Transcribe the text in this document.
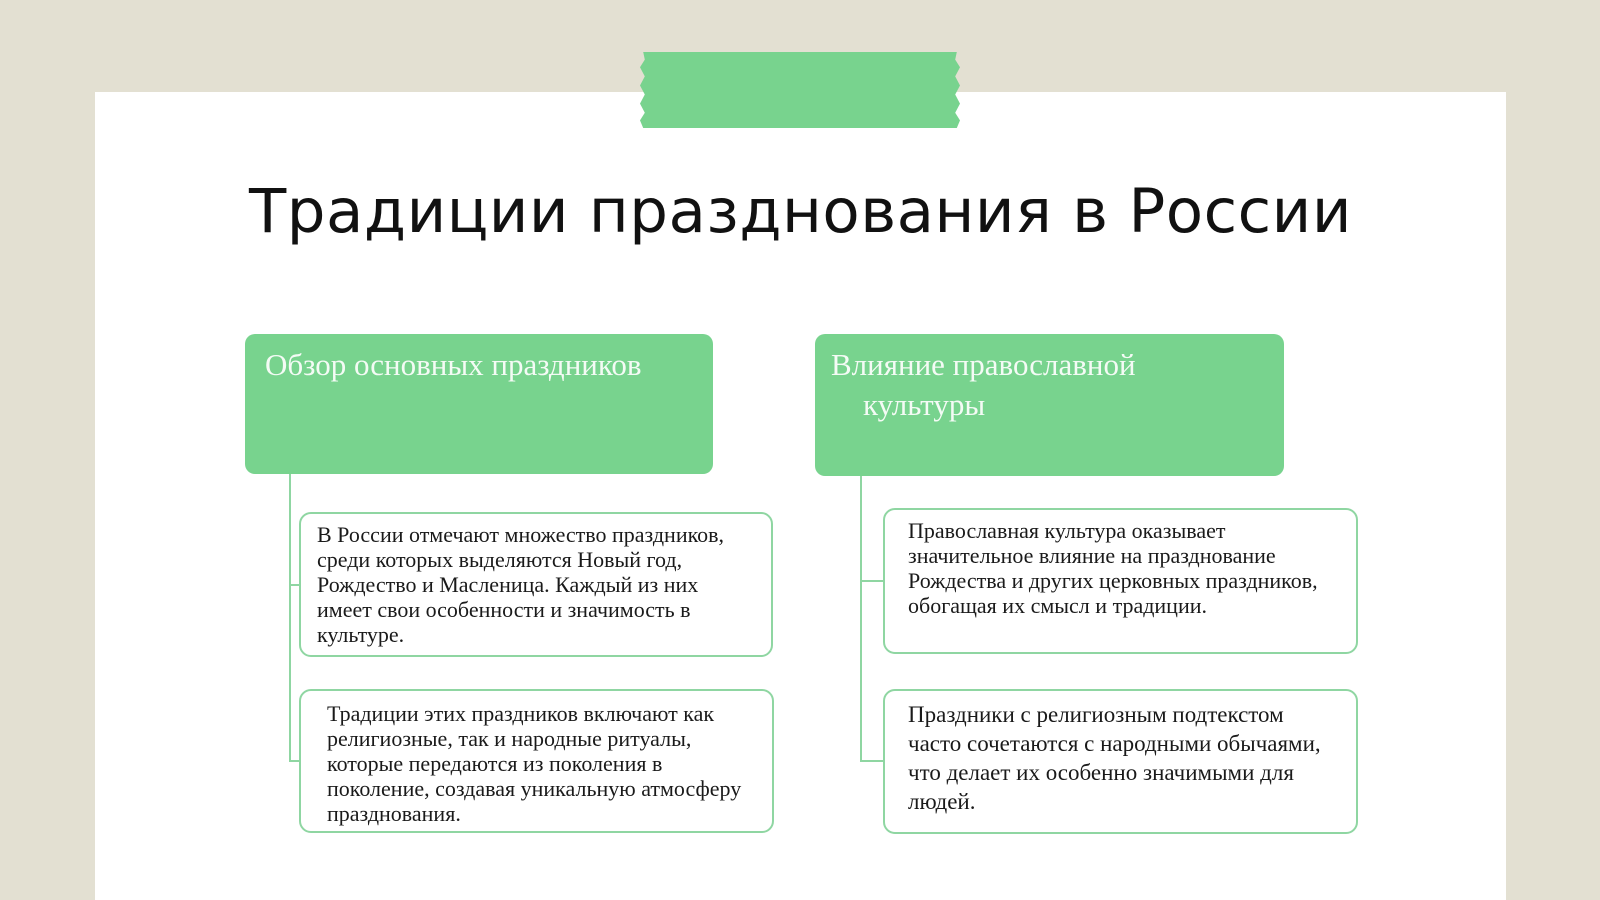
Традиции празднования в России
Обзор основных праздников
В России отмечают множество праздников, среди которых выделяются Новый год, Рождество и Масленица. Каждый из них имеет свои особенности и значимость в культуре.
Традиции этих праздников включают как религиозные, так и народные ритуалы, которые передаются из поколения в поколение, создавая уникальную атмосферу празднования.
Влияние православной
культуры
Православная культура оказывает значительное влияние на празднование Рождества и других церковных праздников, обогащая их смысл и традиции.
Праздники с религиозным подтекстом часто сочетаются с народными обычаями, что делает их особенно значимыми для людей.
